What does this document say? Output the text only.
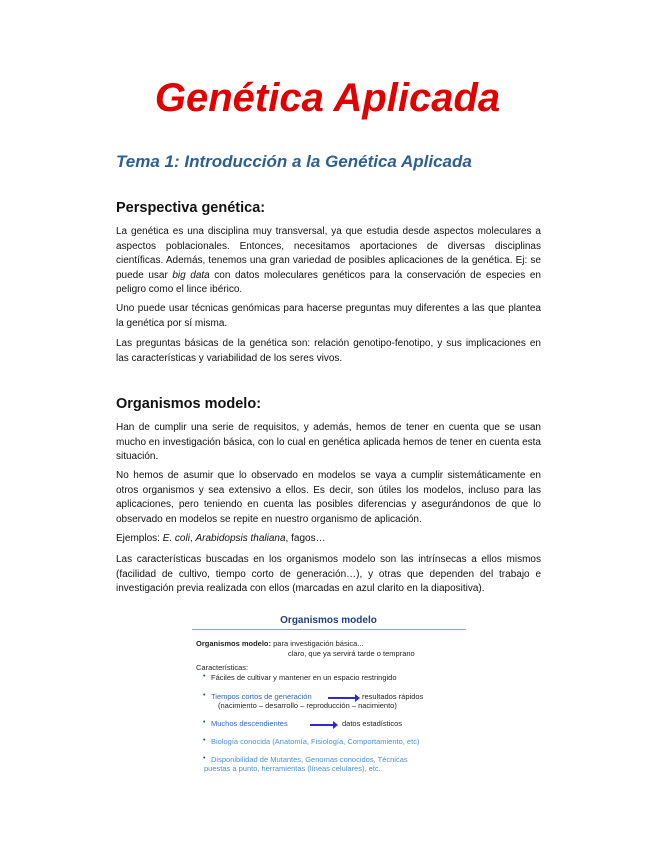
Genética Aplicada
Tema 1: Introducción a la Genética Aplicada
Perspectiva genética:

La genética es una disciplina muy transversal, ya que estudia desde aspectos moleculares a aspectos poblacionales. Entonces, necesitamos aportaciones de diversas disciplinas científicas. Además, tenemos una gran variedad de posibles aplicaciones de la genética. Ej: se puede usar big data con datos moleculares genéticos para la conservación de especies en peligro como el lince ibérico.

Uno puede usar técnicas genómicas para hacerse preguntas muy diferentes a las que plantea la genética por sí misma.

Las preguntas básicas de la genética son: relación genotipo-fenotipo, y sus implicaciones en las características y variabilidad de los seres vivos.

Organismos modelo:

Han de cumplir una serie de requisitos, y además, hemos de tener en cuenta que se usan mucho en investigación básica, con lo cual en genética aplicada hemos de tener en cuenta esta situación.

No hemos de asumir que lo observado en modelos se vaya a cumplir sistemáticamente en otros organismos y sea extensivo a ellos. Es decir, son útiles los modelos, incluso para las aplicaciones, pero teniendo en cuenta las posibles diferencias y asegurándonos de que lo observado en modelos se repite en nuestro organismo de aplicación.

Ejemplos: E. coli, Arabidopsis thaliana, fagos…

Las características buscadas en los organismos modelo son las intrínsecas a ellos mismos (facilidad de cultivo, tiempo corto de generación…), y otras que dependen del trabajo e investigación previa realizada con ellos (marcadas en azul clarito en la diapositiva).

Organismos modelo
Organismos modelo: para investigación básica...
claro, que ya servirá tarde o temprano
Características:
• Fáciles de cultivar y mantener en un espacio restringido
• Tiempos cortos de generación	resultados rápidos
(nacimiento – desarrollo – reproducción – nacimiento)
• Muchos descendientes	datos estadísticos
• Biología conocida (Anatomía, Fisiología, Comportamiento, etc)
• Disponibilidad de Mutantes, Genomas conocidos, Técnicas
puestas a punto, herramientas (líneas celulares), etc.
